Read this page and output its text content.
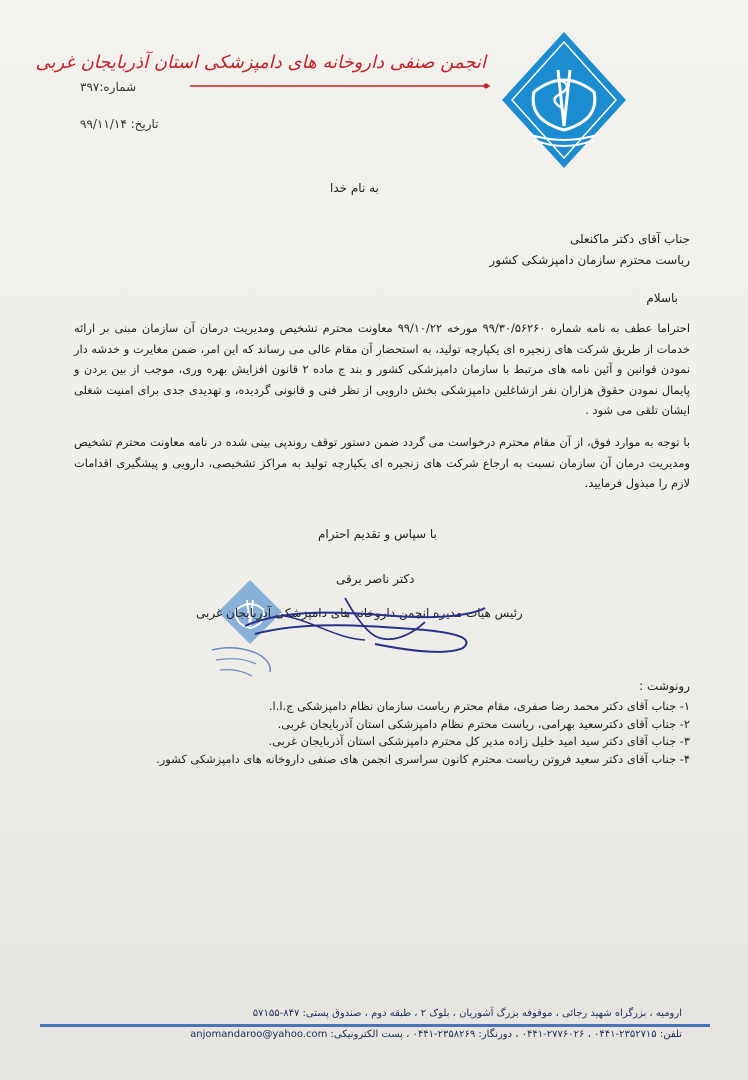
انجمن صنفی داروخانه های دامپزشکی استان آذربایجان غربی
شماره:۳۹۷
تاریخ: ۹۹/۱۱/۱۴
به نام خدا
جناب آقای دکتر ماکنعلی
ریاست محترم سازمان دامپزشکی کشور
باسلام
احتراما عطف به نامه شماره ۹۹/۳۰/۵۶۲۶۰ مورخه ۹۹/۱۰/۲۲ معاونت محترم تشخیص ومدیریت درمان آن سازمان مبنی بر ارائه خدمات از طریق شرکت های زنجیره ای یکپارچه تولید، به استحضار آن مقام عالی می رساند که این امر، ضمن مغایرت و خدشه دار نمودن قوانین و آئین نامه های مرتبط با سازمان دامپزشکی کشور و بند ج ماده ۲ قانون افزایش بهره وری، موجب از بین بردن و پایمال نمودن حقوق هزاران نفر ازشاغلین دامپزشکی بخش دارویی از نظر فنی و قانونی گردیده، و تهدیدی جدی برای امنیت شغلی ایشان تلقی می شود .
با توجه به موارد فوق، از آن مقام محترم درخواست می گردد ضمن دستور توقف روندپی بینی شده در نامه معاونت محترم تشخیص ومدیریت درمان آن سازمان نسبت به ارجاع شرکت های زنجیره ای یکپارچه تولید به مراکز تشخیصی، دارویی و پیشگیری اقدامات لازم را مبذول فرمایید.
با سپاس و تقدیم احترام
دکتر ناصر برقی
رئیس هیات مدیره انجمن داروخانه های دامپزشکی آذربایجان غربی
رونوشت :
۱- جناب آقای دکتر محمد رضا صفری، مقام محترم ریاست سازمان نظام دامپزشکی ج.ا.ا.
۲- جناب آقای دکترسعید بهرامی، ریاست محترم نظام دامپزشکی استان آذربایجان غربی.
۳- جناب آقای دکتر سید امید خلیل زاده مدیر کل محترم دامپزشکی استان آذربایجان غربی.
۴- جناب آقای دکتر سعید فروتن ریاست محترم کانون سراسری انجمن های صنفی داروخانه های دامپزشکی کشور.
ارومیه ، بزرگراه شهید رجائی ، موقوفه بزرگ آشوریان ، بلوک ۲ ، طبقه دوم ، صندوق پستی: ۸۴۷-۵۷۱۵۵
تلفن: ۲۳۵۲۷۱۵-۰۴۴۱ ، ۲۷۷۶۰۲۶-۰۴۴۱ ، دورنگار: ۲۳۵۸۲۶۹-۰۴۴۱ ، پست الکترونیکی: anjomandaroo@yahoo.com
